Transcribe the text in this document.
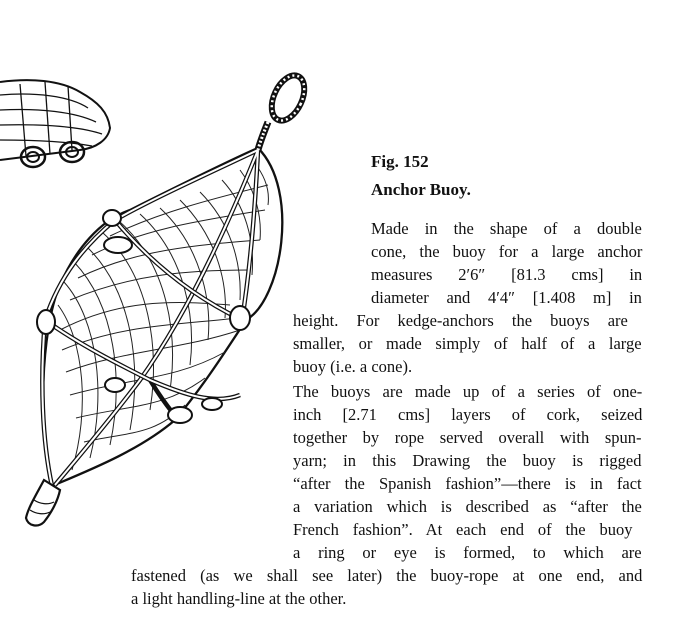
Fig. 152
Anchor Buoy.
Made in the shape of a double
cone, the buoy for a large anchor
measures 2′6″ [81.3 cms] in
diameter and 4′4″ [1.408 m] in
height. For kedge-anchors the buoys are
smaller, or made simply of half of a large
buoy (i.e. a cone).
The buoys are made up of a series of one-
inch [2.71 cms] layers of cork, seized
together by rope served overall with spun-
yarn; in this Drawing the buoy is rigged
“after the Spanish fashion”—there is in fact
a variation which is described as “after the
French fashion”. At each end of the buoy
a ring or eye is formed, to which are
fastened (as we shall see later) the buoy-rope at one end, and
a light handling-line at the other.
